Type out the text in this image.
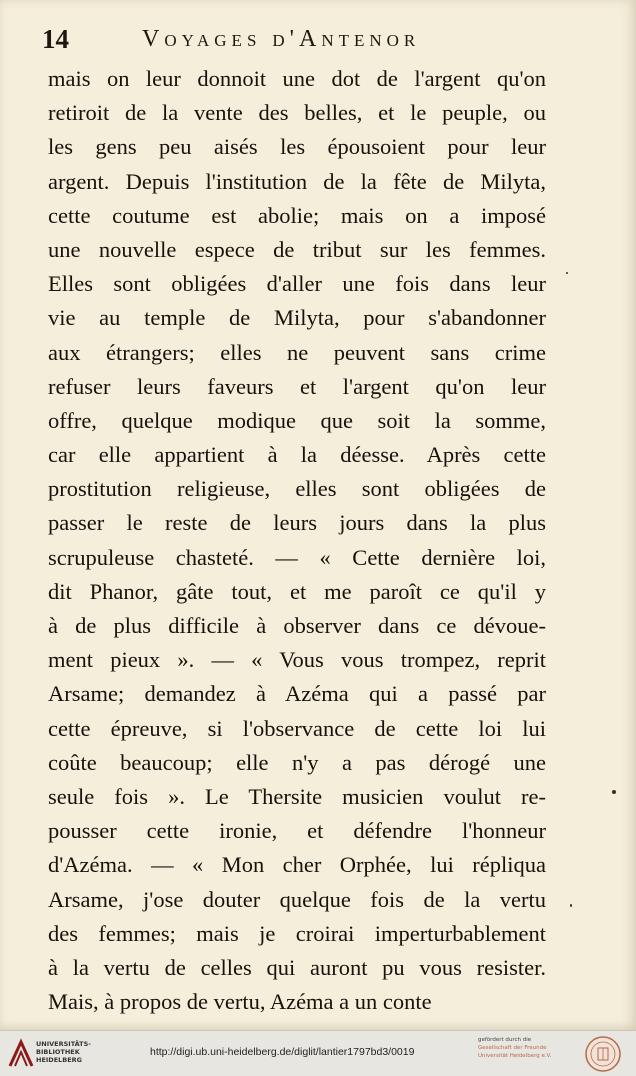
14	Voyages d'Antenor
mais on leur donnoit une dot de l'argent qu'on
retiroit de la vente des belles, et le peuple, ou
les gens peu aisés les épousoient pour leur
argent. Depuis l'institution de la fête de Milyta,
cette coutume est abolie; mais on a imposé
une nouvelle espece de tribut sur les femmes.
Elles sont obligées d'aller une fois dans leur
vie au temple de Milyta, pour s'abandonner
aux étrangers; elles ne peuvent sans crime
refuser leurs faveurs et l'argent qu'on leur
offre, quelque modique que soit la somme,
car elle appartient à la déesse. Après cette
prostitution religieuse, elles sont obligées de
passer le reste de leurs jours dans la plus
scrupuleuse chasteté. — « Cette dernière loi,
dit Phanor, gâte tout, et me paroît ce qu'il y
à de plus difficile à observer dans ce dévoue-
ment pieux ». — « Vous vous trompez, reprit
Arsame; demandez à Azéma qui a passé par
cette épreuve, si l'observance de cette loi lui
coûte beaucoup; elle n'y a pas dérogé une
seule fois ». Le Thersite musicien voulut re-
pousser cette ironie, et défendre l'honneur
d'Azéma. — « Mon cher Orphée, lui répliqua
Arsame, j'ose douter quelque fois de la vertu
des femmes; mais je croirai imperturbablement
à la vertu de celles qui auront pu vous resister.
Mais, à propos de vertu, Azéma a un conte
UNIVERSITÄTS-
BIBLIOTHEK
HEIDELBERG
http://digi.ub.uni-heidelberg.de/diglit/lantier1797bd3/0019
gefördert durch die
Gesellschaft der Freunde
Universität Heidelberg e.V.
